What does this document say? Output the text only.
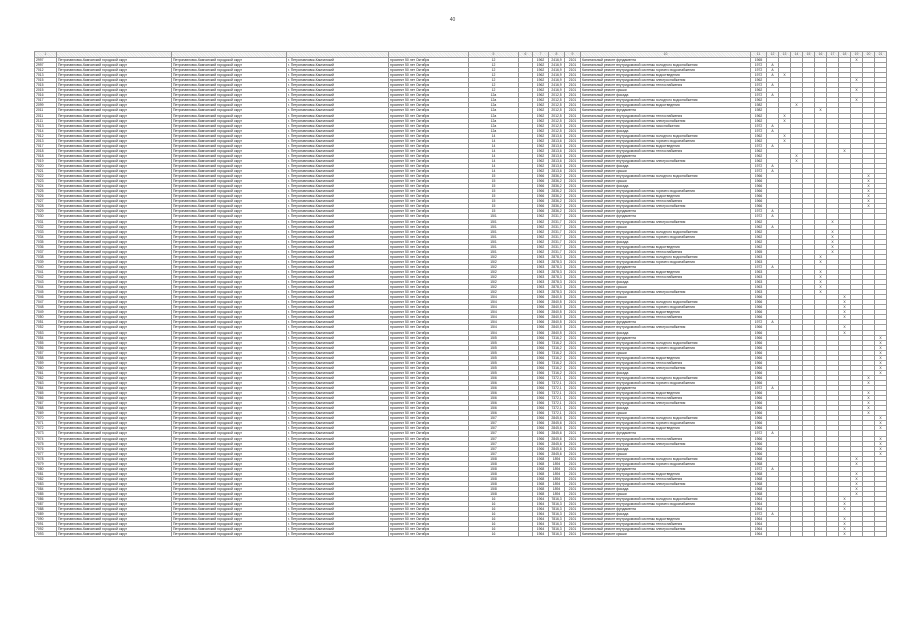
40
1					5	6	7	8	9	10	11	12	13	14	15	16	17	18	19	20	21
2997	Петропавловск-Камчатский городской округ	Петропавловск-Камчатский городской округ	г. Петропавловск-Камчатский	проспект 50 лет Октября	12		1962	2416,9	2101	Капитальный ремонт фундамента	1965								Х		
2997	Петропавловск-Камчатский городской округ	Петропавловск-Камчатский городской округ	г. Петропавловск-Камчатский	проспект 50 лет Октября	12		1962	2416,9	2101	Капитальный ремонт внутридомовой системы холодного водоснабжения	1972	А									
7012	Петропавловск-Камчатский городской округ	Петропавловск-Камчатский городской округ	г. Петропавловск-Камчатский	проспект 50 лет Октября	12		1962	2416,9	2101	Капитальный ремонт внутридомовой системы горячего водоснабжения	1972	А									
7013	Петропавловск-Камчатский городской округ	Петропавловск-Камчатский городской округ	г. Петропавловск-Камчатский	проспект 50 лет Октября	12		1962	2416,9	2101	Капитальный ремонт внутридомовой системы водоотведения	1972	А	Х								
7015	Петропавловск-Камчатский городской округ	Петропавловск-Камчатский городской округ	г. Петропавловск-Камчатский	проспект 50 лет Октября	12		1962	2416,9	2101	Капитальный ремонт внутридомовой системы электроснабжения	1962								Х		
7015	Петропавловск-Камчатский городской округ	Петропавловск-Камчатский городской округ	г. Петропавловск-Камчатский	проспект 50 лет Октября	12		1962	2416,9	2101	Капитальный ремонт внутридомовой системы теплоснабжения	1972	А									
2015	Петропавловск-Камчатский городской округ	Петропавловск-Камчатский городской округ	г. Петропавловск-Камчатский	проспект 50 лет Октября	12		1962	2416,9	2101	Капитальный ремонт крыши	1962								Х		
7016	Петропавловск-Камчатский городской округ	Петропавловск-Камчатский городской округ	г. Петропавловск-Камчатский	проспект 50 лет Октября	12а		1962	2012,5	2101	Капитальный ремонт фасада	1972	А									
7017	Петропавловск-Камчатский городской округ	Петропавловск-Камчатский городской округ	г. Петропавловск-Камчатский	проспект 50 лет Октября	12а		1962	2012,5	2101	Капитальный ремонт внутридомовой системы холодного водоснабжения	1962								Х		
2099	Петропавловск-Камчатский городской округ	Петропавловск-Камчатский городской округ	г. Петропавловск-Камчатский	проспект 50 лет Октября	12а		1962	2012,5	2101	Капитальный ремонт внутридомовой системы водоотведения	1982			Х							
2011	Петропавловск-Камчатский городской округ	Петропавловск-Камчатский городской округ	г. Петропавловск-Камчатский	проспект 50 лет Октября	12а		1962	2012,5	2101	Капитальный ремонт фундамента	1982					Х					
2011	Петропавловск-Камчатский городской округ	Петропавловск-Камчатский городской округ	г. Петропавловск-Камчатский	проспект 50 лет Октября	12а		1962	2012,5	2101	Капитальный ремонт внутридомовой системы теплоснабжения	1962		Х								
2111	Петропавловск-Камчатский городской округ	Петропавловск-Камчатский городской округ	г. Петропавловск-Камчатский	проспект 50 лет Октября	12а		1962	2012,5	2101	Капитальный ремонт внутридомовой системы электроснабжения	1962		Х								
7013	Петропавловск-Камчатский городской округ	Петропавловск-Камчатский городской округ	г. Петропавловск-Камчатский	проспект 50 лет Октября	12а		1962	2012,5	2101	Капитальный ремонт внутридомовой системы газоснабжения	1972	А									
7014	Петропавловск-Камчатский городской округ	Петропавловск-Камчатский городской округ	г. Петропавловск-Камчатский	проспект 50 лет Октября	12а		1962	2012,5	2101	Капитальный ремонт фасада	1972	А									
7012	Петропавловск-Камчатский городской округ	Петропавловск-Камчатский городской округ	г. Петропавловск-Камчатский	проспект 50 лет Октября	14		1962	2813,6	2101	Капитальный ремонт внутридомовой системы холодного водоснабжения	1962		Х								
2013	Петропавловск-Камчатский городской округ	Петропавловск-Камчатский городской округ	г. Петропавловск-Камчатский	проспект 50 лет Октября	14		1962	2813,6	2101	Капитальный ремонт внутридомовой системы горячего водоснабжения	1962		Х								
7017	Петропавловск-Камчатский городской округ	Петропавловск-Камчатский городской округ	г. Петропавловск-Камчатский	проспект 50 лет Октября	14		1962	2813,6	2101	Капитальный ремонт внутридомовой системы водоотведения	1972	А									
2018	Петропавловск-Камчатский городской округ	Петропавловск-Камчатский городской округ	г. Петропавловск-Камчатский	проспект 50 лет Октября	14		1962	2813,6	2101	Капитальный ремонт внутридомовой системы теплоснабжения	1962							Х			
7018	Петропавловск-Камчатский городской округ	Петропавловск-Камчатский городской округ	г. Петропавловск-Камчатский	проспект 50 лет Октября	14		1962	2813,6	2101	Капитальный ремонт фундамента	1962			Х							
7019	Петропавловск-Камчатский городской округ	Петропавловск-Камчатский городской округ	г. Петропавловск-Камчатский	проспект 50 лет Октября	14		1962	2813,6	2101	Капитальный ремонт внутридомовой системы электроснабжения	1962			Х							
7020	Петропавловск-Камчатский городской округ	Петропавловск-Камчатский городской округ	г. Петропавловск-Камчатский	проспект 50 лет Октября	14		1962	2813,6	2101	Капитальный ремонт фасада	1972	А									
7021	Петропавловск-Камчатский городской округ	Петропавловск-Камчатский городской округ	г. Петропавловск-Камчатский	проспект 50 лет Октября	14		1962	2813,6	2101	Капитальный ремонт крыши	1972	А									
7022	Петропавловск-Камчатский городской округ	Петропавловск-Камчатский городской округ	г. Петропавловск-Камчатский	проспект 50 лет Октября	15		1966	2836,2	2101	Капитальный ремонт внутридомовой системы холодного водоснабжения	1966									Х	
7023	Петропавловск-Камчатский городской округ	Петропавловск-Камчатский городской округ	г. Петропавловск-Камчатский	проспект 50 лет Октября	15		1966	2836,2	2101	Капитальный ремонт крыши	1966									Х	
7024	Петропавловск-Камчатский городской округ	Петропавловск-Камчатский городской округ	г. Петропавловск-Камчатский	проспект 50 лет Октября	15		1966	2836,2	2101	Капитальный ремонт фасада	1966									Х	
7025	Петропавловск-Камчатский городской округ	Петропавловск-Камчатский городской округ	г. Петропавловск-Камчатский	проспект 50 лет Октября	15		1966	2836,2	2101	Капитальный ремонт внутридомовой системы горячего водоснабжения	1966									Х	
7026	Петропавловск-Камчатский городской округ	Петропавловск-Камчатский городской округ	г. Петропавловск-Камчатский	проспект 50 лет Октября	15		1966	2836,2	2101	Капитальный ремонт внутридомовой системы водоотведения	1966									Х	
7027	Петропавловск-Камчатский городской округ	Петропавловск-Камчатский городской округ	г. Петропавловск-Камчатский	проспект 50 лет Октября	15		1966	2836,2	2101	Капитальный ремонт внутридомовой системы теплоснабжения	1966									Х	
7028	Петропавловск-Камчатский городской округ	Петропавловск-Камчатский городской округ	г. Петропавловск-Камчатский	проспект 50 лет Октября	15		1966	2836,2	2101	Капитальный ремонт внутридомовой системы электроснабжения	1966									Х	
7029	Петропавловск-Камчатский городской округ	Петропавловск-Камчатский городской округ	г. Петропавловск-Камчатский	проспект 50 лет Октября	15		1966	2836,2	2101	Капитальный ремонт фундамента	1972	А									
7030	Петропавловск-Камчатский городской округ	Петропавловск-Камчатский городской округ	г. Петропавловск-Камчатский	проспект 50 лет Октября	15/1		1962	2031,7	2101	Капитальный ремонт фундамента	1972	А									
7031	Петропавловск-Камчатский городской округ	Петропавловск-Камчатский городской округ	г. Петропавловск-Камчатский	проспект 50 лет Октября	15/1		1962	2031,7	2101	Капитальный ремонт внутридомовой системы электроснабжения	1962						Х				
7032	Петропавловск-Камчатский городской округ	Петропавловск-Камчатский городской округ	г. Петропавловск-Камчатский	проспект 50 лет Октября	15/1		1962	2031,7	2101	Капитальный ремонт крыши	1962	А									
7033	Петропавловск-Камчатский городской округ	Петропавловск-Камчатский городской округ	г. Петропавловск-Камчатский	проспект 50 лет Октября	15/1		1962	2031,7	2101	Капитальный ремонт внутридомовой системы холодного водоснабжения	1962						Х				
7034	Петропавловск-Камчатский городской округ	Петропавловск-Камчатский городской округ	г. Петропавловск-Камчатский	проспект 50 лет Октября	15/1		1962	2031,7	2101	Капитальный ремонт внутридомовой системы горячего водоснабжения	1962						Х				
7035	Петропавловск-Камчатский городской округ	Петропавловск-Камчатский городской округ	г. Петропавловск-Камчатский	проспект 50 лет Октября	15/1		1962	2031,7	2101	Капитальный ремонт фасада	1962						Х				
7036	Петропавловск-Камчатский городской округ	Петропавловск-Камчатский городской округ	г. Петропавловск-Камчатский	проспект 50 лет Октября	15/1		1962	2031,7	2101	Капитальный ремонт внутридомовой системы водоотведения	1962						Х				
7037	Петропавловск-Камчатский городской округ	Петропавловск-Камчатский городской округ	г. Петропавловск-Камчатский	проспект 50 лет Октября	15/1		1962	2031,7	2101	Капитальный ремонт внутридомовой системы теплоснабжения	1965						Х				
7038	Петропавловск-Камчатский городской округ	Петропавловск-Камчатский городской округ	г. Петропавловск-Камчатский	проспект 50 лет Октября	15/2		1963	2878,3	2101	Капитальный ремонт внутридомовой системы холодного водоснабжения	1963					Х					
7039	Петропавловск-Камчатский городской округ	Петропавловск-Камчатский городской округ	г. Петропавловск-Камчатский	проспект 50 лет Октября	15/2		1963	2878,3	2101	Капитальный ремонт внутридомовой системы горячего водоснабжения	1963					Х					
7040	Петропавловск-Камчатский городской округ	Петропавловск-Камчатский городской округ	г. Петропавловск-Камчатский	проспект 50 лет Октября	15/2		1963	2878,3	2101	Капитальный ремонт фундамента	1972	А									
7041	Петропавловск-Камчатский городской округ	Петропавловск-Камчатский городской округ	г. Петропавловск-Камчатский	проспект 50 лет Октября	15/2		1963	2878,3	2101	Капитальный ремонт внутридомовой системы водоотведения	1963					Х					
7042	Петропавловск-Камчатский городской округ	Петропавловск-Камчатский городской округ	г. Петропавловск-Камчатский	проспект 50 лет Октября	15/2		1963	2878,3	2101	Капитальный ремонт внутридомовой системы теплоснабжения	1963					Х					
7043	Петропавловск-Камчатский городской округ	Петропавловск-Камчатский городской округ	г. Петропавловск-Камчатский	проспект 50 лет Октября	15/2		1963	2878,3	2101	Капитальный ремонт фасада	1963					Х					
7044	Петропавловск-Камчатский городской округ	Петропавловск-Камчатский городской округ	г. Петропавловск-Камчатский	проспект 50 лет Октября	15/2		1963	2878,3	2101	Капитальный ремонт крыши	1963					Х					
7045	Петропавловск-Камчатский городской округ	Петропавловск-Камчатский городской округ	г. Петропавловск-Камчатский	проспект 50 лет Октября	15/2		1963	2878,3	2101	Капитальный ремонт внутридомовой системы электроснабжения	1963					Х					
7046	Петропавловск-Камчатский городской округ	Петропавловск-Камчатский городской округ	г. Петропавловск-Камчатский	проспект 50 лет Октября	15/4		1966	2840,5	2101	Капитальный ремонт крыши	1966							Х			
7047	Петропавловск-Камчатский городской округ	Петропавловск-Камчатский городской округ	г. Петропавловск-Камчатский	проспект 50 лет Октября	15/4		1966	2840,5	2101	Капитальный ремонт внутридомовой системы холодного водоснабжения	1966							Х			
7048	Петропавловск-Камчатский городской округ	Петропавловск-Камчатский городской округ	г. Петропавловск-Камчатский	проспект 50 лет Октября	15/4		1966	2840,5	2101	Капитальный ремонт внутридомовой системы горячего водоснабжения	1966							Х			
7049	Петропавловск-Камчатский городской округ	Петропавловск-Камчатский городской округ	г. Петропавловск-Камчатский	проспект 50 лет Октября	15/4		1966	2840,5	2101	Капитальный ремонт внутридомовой системы водоотведения	1966							Х			
7050	Петропавловск-Камчатский городской округ	Петропавловск-Камчатский городской округ	г. Петропавловск-Камчатский	проспект 50 лет Октября	15/4		1966	2840,5	2101	Капитальный ремонт внутридомовой системы теплоснабжения	1966							Х			
7051	Петропавловск-Камчатский городской округ	Петропавловск-Камчатский городской округ	г. Петропавловск-Камчатский	проспект 50 лет Октября	15/4		1966	2840,5	2101	Капитальный ремонт фундамента	1972	А									
7052	Петропавловск-Камчатский городской округ	Петропавловск-Камчатский городской округ	г. Петропавловск-Камчатский	проспект 50 лет Октября	15/4		1966	2840,5	2101	Капитальный ремонт внутридомовой системы электроснабжения	1966							Х			
7053	Петропавловск-Камчатский городской округ	Петропавловск-Камчатский городской округ	г. Петропавловск-Камчатский	проспект 50 лет Октября	15/4		1966	2840,5	2101	Капитальный ремонт фасада	1966							Х			
7054	Петропавловск-Камчатский городской округ	Петропавловск-Камчатский городской округ	г. Петропавловск-Камчатский	проспект 50 лет Октября	15/5		1966	7316,2	2101	Капитальный ремонт фундамента	1966										Х
7055	Петропавловск-Камчатский городской округ	Петропавловск-Камчатский городской округ	г. Петропавловск-Камчатский	проспект 50 лет Октября	15/5		1966	7316,2	2101	Капитальный ремонт внутридомовой системы холодного водоснабжения	1966										Х
7056	Петропавловск-Камчатский городской округ	Петропавловск-Камчатский городской округ	г. Петропавловск-Камчатский	проспект 50 лет Октября	15/5		1966	7316,2	2101	Капитальный ремонт внутридомовой системы горячего водоснабжения	1966										Х
7057	Петропавловск-Камчатский городской округ	Петропавловск-Камчатский городской округ	г. Петропавловск-Камчатский	проспект 50 лет Октября	15/5		1966	7316,2	2101	Капитальный ремонт крыши	1966										Х
7058	Петропавловск-Камчатский городской округ	Петропавловск-Камчатский городской округ	г. Петропавловск-Камчатский	проспект 50 лет Октября	15/5		1966	7316,2	2101	Капитальный ремонт внутридомовой системы водоотведения	1966										Х
7059	Петропавловск-Камчатский городской округ	Петропавловск-Камчатский городской округ	г. Петропавловск-Камчатский	проспект 50 лет Октября	15/5		1966	7316,2	2101	Капитальный ремонт внутридомовой системы теплоснабжения	1966										Х
7060	Петропавловск-Камчатский городской округ	Петропавловск-Камчатский городской округ	г. Петропавловск-Камчатский	проспект 50 лет Октября	15/5		1966	7316,2	2101	Капитальный ремонт внутридомовой системы электроснабжения	1966										Х
7061	Петропавловск-Камчатский городской округ	Петропавловск-Камчатский городской округ	г. Петропавловск-Камчатский	проспект 50 лет Октября	15/5		1966	7316,2	2101	Капитальный ремонт фасада	1966										Х
7062	Петропавловск-Камчатский городской округ	Петропавловск-Камчатский городской округ	г. Петропавловск-Камчатский	проспект 50 лет Октября	15/6		1966	7372,1	2101	Капитальный ремонт внутридомовой системы холодного водоснабжения	1966									Х	
7063	Петропавловск-Камчатский городской округ	Петропавловск-Камчатский городской округ	г. Петропавловск-Камчатский	проспект 50 лет Октября	15/6		1966	7372,1	2101	Капитальный ремонт внутридомовой системы горячего водоснабжения	1966									Х	
7064	Петропавловск-Камчатский городской округ	Петропавловск-Камчатский городской округ	г. Петропавловск-Камчатский	проспект 50 лет Октября	15/6		1966	7372,1	2101	Капитальный ремонт фундамента	1972	А									
7065	Петропавловск-Камчатский городской округ	Петропавловск-Камчатский городской округ	г. Петропавловск-Камчатский	проспект 50 лет Октября	15/6		1966	7372,1	2101	Капитальный ремонт внутридомовой системы водоотведения	1966									Х	
7066	Петропавловск-Камчатский городской округ	Петропавловск-Камчатский городской округ	г. Петропавловск-Камчатский	проспект 50 лет Октября	15/6		1966	7372,1	2101	Капитальный ремонт внутридомовой системы теплоснабжения	1966									Х	
7067	Петропавловск-Камчатский городской округ	Петропавловск-Камчатский городской округ	г. Петропавловск-Камчатский	проспект 50 лет Октября	15/6		1966	7372,1	2101	Капитальный ремонт внутридомовой системы электроснабжения	1966									Х	
7068	Петропавловск-Камчатский городской округ	Петропавловск-Камчатский городской округ	г. Петропавловск-Камчатский	проспект 50 лет Октября	15/6		1966	7372,1	2101	Капитальный ремонт фасада	1966									Х	
7069	Петропавловск-Камчатский городской округ	Петропавловск-Камчатский городской округ	г. Петропавловск-Камчатский	проспект 50 лет Октября	15/6		1966	7372,1	2101	Капитальный ремонт крыши	1966									Х	
7070	Петропавловск-Камчатский городской округ	Петропавловск-Камчатский городской округ	г. Петропавловск-Камчатский	проспект 50 лет Октября	15/7		1966	2845,6	2101	Капитальный ремонт внутридомовой системы холодного водоснабжения	1966										Х
7071	Петропавловск-Камчатский городской округ	Петропавловск-Камчатский городской округ	г. Петропавловск-Камчатский	проспект 50 лет Октября	15/7		1966	2845,6	2101	Капитальный ремонт внутридомовой системы горячего водоснабжения	1966										Х
7072	Петропавловск-Камчатский городской округ	Петропавловск-Камчатский городской округ	г. Петропавловск-Камчатский	проспект 50 лет Октября	15/7		1966	2845,6	2101	Капитальный ремонт внутридомовой системы водоотведения	1966										Х
7073	Петропавловск-Камчатский городской округ	Петропавловск-Камчатский городской округ	г. Петропавловск-Камчатский	проспект 50 лет Октября	15/7		1966	2845,6	2101	Капитальный ремонт фундамента	1972	А									
7074	Петропавловск-Камчатский городской округ	Петропавловск-Камчатский городской округ	г. Петропавловск-Камчатский	проспект 50 лет Октября	15/7		1966	2845,6	2101	Капитальный ремонт внутридомовой системы теплоснабжения	1966										Х
7075	Петропавловск-Камчатский городской округ	Петропавловск-Камчатский городской округ	г. Петропавловск-Камчатский	проспект 50 лет Октября	15/7		1966	2845,6	2101	Капитальный ремонт внутридомовой системы электроснабжения	1966										Х
7076	Петропавловск-Камчатский городской округ	Петропавловск-Камчатский городской округ	г. Петропавловск-Камчатский	проспект 50 лет Октября	15/7		1966	2845,6	2101	Капитальный ремонт фасада	1966										Х
7077	Петропавловск-Камчатский городской округ	Петропавловск-Камчатский городской округ	г. Петропавловск-Камчатский	проспект 50 лет Октября	15/7		1966	2845,6	2101	Капитальный ремонт крыши	1966										Х
7078	Петропавловск-Камчатский городской округ	Петропавловск-Камчатский городской округ	г. Петропавловск-Камчатский	проспект 50 лет Октября	15/8		1968	1894	2101	Капитальный ремонт внутридомовой системы холодного водоснабжения	1968								Х		
7079	Петропавловск-Камчатский городской округ	Петропавловск-Камчатский городской округ	г. Петропавловск-Камчатский	проспект 50 лет Октября	15/8		1968	1894	2101	Капитальный ремонт внутридомовой системы горячего водоснабжения	1968								Х		
7080	Петропавловск-Камчатский городской округ	Петропавловск-Камчатский городской округ	г. Петропавловск-Камчатский	проспект 50 лет Октября	15/8		1968	1894	2101	Капитальный ремонт фундамента	1972	А									
7081	Петропавловск-Камчатский городской округ	Петропавловск-Камчатский городской округ	г. Петропавловск-Камчатский	проспект 50 лет Октября	15/8		1968	1894	2101	Капитальный ремонт внутридомовой системы водоотведения	1968								Х		
7082	Петропавловск-Камчатский городской округ	Петропавловск-Камчатский городской округ	г. Петропавловск-Камчатский	проспект 50 лет Октября	15/8		1968	1894	2101	Капитальный ремонт внутридомовой системы теплоснабжения	1968								Х		
7083	Петропавловск-Камчатский городской округ	Петропавловск-Камчатский городской округ	г. Петропавловск-Камчатский	проспект 50 лет Октября	15/8		1968	1894	2101	Капитальный ремонт внутридомовой системы электроснабжения	1968								Х		
7084	Петропавловск-Камчатский городской округ	Петропавловск-Камчатский городской округ	г. Петропавловск-Камчатский	проспект 50 лет Октября	15/8		1968	1894	2101	Капитальный ремонт фасада	1968								Х		
7085	Петропавловск-Камчатский городской округ	Петропавловск-Камчатский городской округ	г. Петропавловск-Камчатский	проспект 50 лет Октября	15/8		1968	1894	2101	Капитальный ремонт крыши	1968								Х		
7086	Петропавловск-Камчатский городской округ	Петропавловск-Камчатский городской округ	г. Петропавловск-Камчатский	проспект 50 лет Октября	16		1964	7816,3	2101	Капитальный ремонт внутридомовой системы холодного водоснабжения	1964							Х			
7087	Петропавловск-Камчатский городской округ	Петропавловск-Камчатский городской округ	г. Петропавловск-Камчатский	проспект 50 лет Октября	16		1964	7816,3	2101	Капитальный ремонт внутридомовой системы горячего водоснабжения	1964							Х			
7088	Петропавловск-Камчатский городской округ	Петропавловск-Камчатский городской округ	г. Петропавловск-Камчатский	проспект 50 лет Октября	16		1964	7816,3	2101	Капитальный ремонт фундамента	1964							Х			
7089	Петропавловск-Камчатский городской округ	Петропавловск-Камчатский городской округ	г. Петропавловск-Камчатский	проспект 50 лет Октября	16		1964	7816,3	2101	Капитальный ремонт фасада	1972	А									
7090	Петропавловск-Камчатский городской округ	Петропавловск-Камчатский городской округ	г. Петропавловск-Камчатский	проспект 50 лет Октября	16		1964	7816,3	2101	Капитальный ремонт внутридомовой системы водоотведения	1964							Х			
7091	Петропавловск-Камчатский городской округ	Петропавловск-Камчатский городской округ	г. Петропавловск-Камчатский	проспект 50 лет Октября	16		1964	7816,3	2101	Капитальный ремонт внутридомовой системы теплоснабжения	1964							Х			
7092	Петропавловск-Камчатский городской округ	Петропавловск-Камчатский городской округ	г. Петропавловск-Камчатский	проспект 50 лет Октября	16		1964	7816,3	2101	Капитальный ремонт внутридомовой системы электроснабжения	1964							Х			
7093	Петропавловск-Камчатский городской округ	Петропавловск-Камчатский городской округ	г. Петропавловск-Камчатский	проспект 50 лет Октября	16		1964	7816,3	2101	Капитальный ремонт крыши	1964							Х			
